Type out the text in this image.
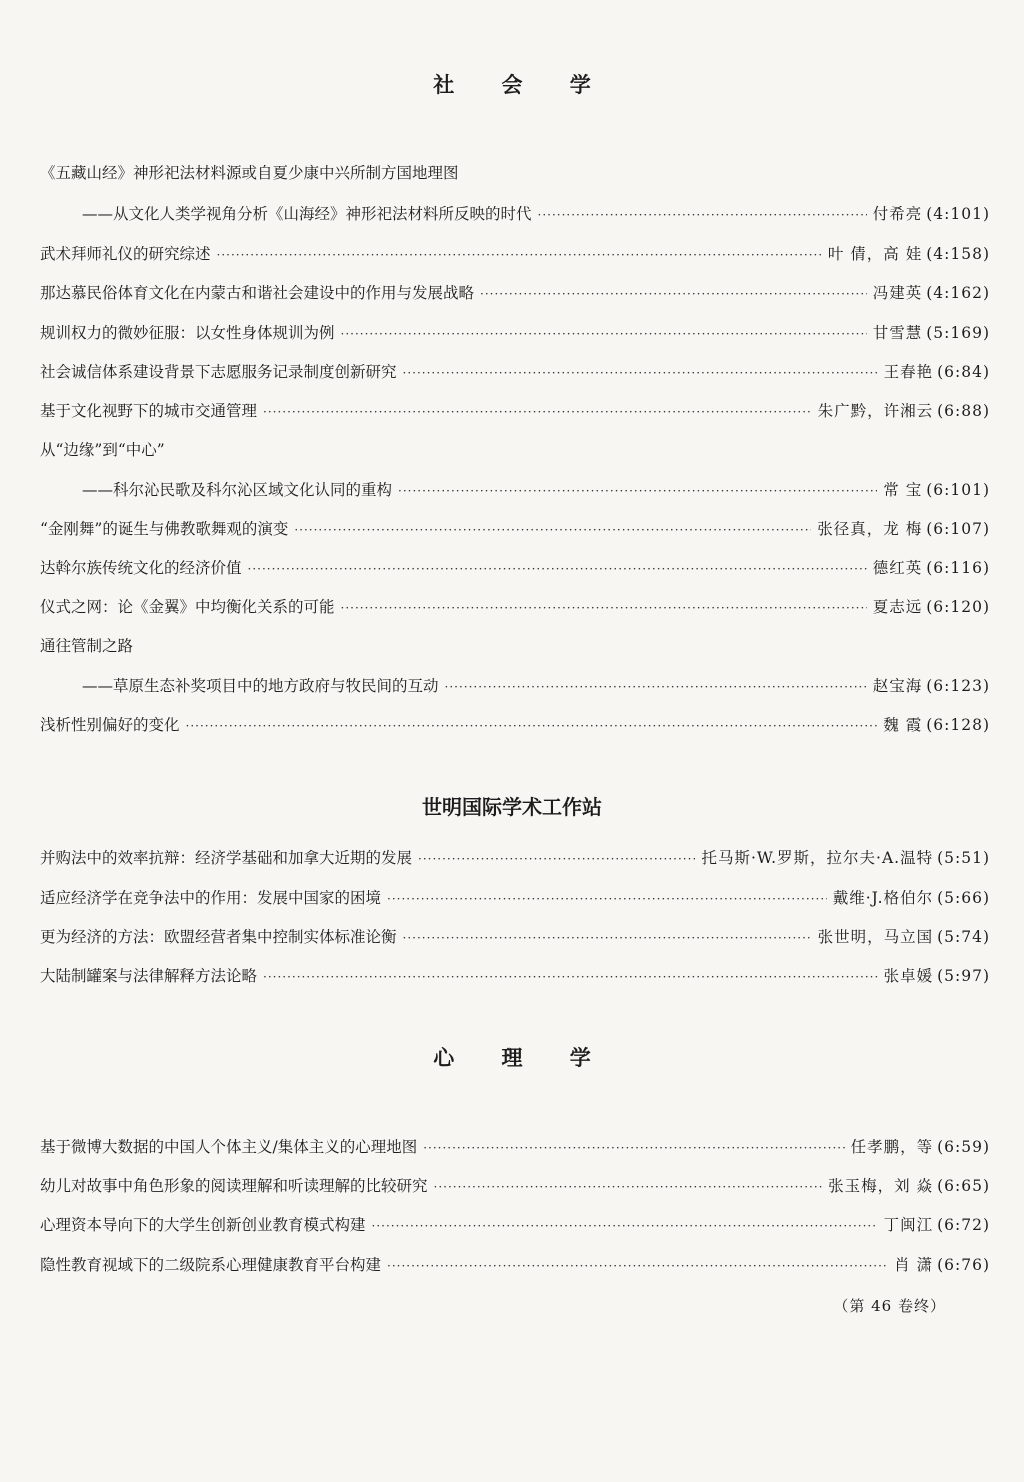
社 会 学
《五藏山经》神形祀法材料源或自夏少康中兴所制方国地理图
——从文化人类学视角分析《山海经》神形祀法材料所反映的时代 ·····	付希亮 (4:101)
武术拜师礼仪的研究综述 ·····	叶 倩，高 娃 (4:158)
那达慕民俗体育文化在内蒙古和谐社会建设中的作用与发展战略 ·····	冯建英 (4:162)
规训权力的微妙征服：以女性身体规训为例 ·····	甘雪慧 (5:169)
社会诚信体系建设背景下志愿服务记录制度创新研究 ·····	王春艳 (6:84)
基于文化视野下的城市交通管理 ·····	朱广黔，许湘云 (6:88)
从“边缘”到“中心”
——科尔沁民歌及科尔沁区域文化认同的重构 ·····	常 宝 (6:101)
“金刚舞”的诞生与佛教歌舞观的演变 ·····	张径真，龙 梅 (6:107)
达斡尔族传统文化的经济价值 ·····	德红英 (6:116)
仪式之网：论《金翼》中均衡化关系的可能 ·····	夏志远 (6:120)
通往管制之路
——草原生态补奖项目中的地方政府与牧民间的互动 ·····	赵宝海 (6:123)
浅析性别偏好的变化 ·····	魏 霞 (6:128)
世明国际学术工作站
并购法中的效率抗辩：经济学基础和加拿大近期的发展 ·····	托马斯·W.罗斯，拉尔夫·A.温特 (5:51)
适应经济学在竞争法中的作用：发展中国家的困境 ·····	戴维·J.格伯尔 (5:66)
更为经济的方法：欧盟经营者集中控制实体标准论衡 ·····	张世明，马立国 (5:74)
大陆制罐案与法律解释方法论略 ·····	张卓媛 (5:97)
心 理 学
基于微博大数据的中国人个体主义/集体主义的心理地图 ·····	任孝鹏，等 (6:59)
幼儿对故事中角色形象的阅读理解和听读理解的比较研究 ·····	张玉梅，刘 焱 (6:65)
心理资本导向下的大学生创新创业教育模式构建 ·····	丁闽江 (6:72)
隐性教育视域下的二级院系心理健康教育平台构建 ·····	肖 潇 (6:76)
（第 46 卷终）
